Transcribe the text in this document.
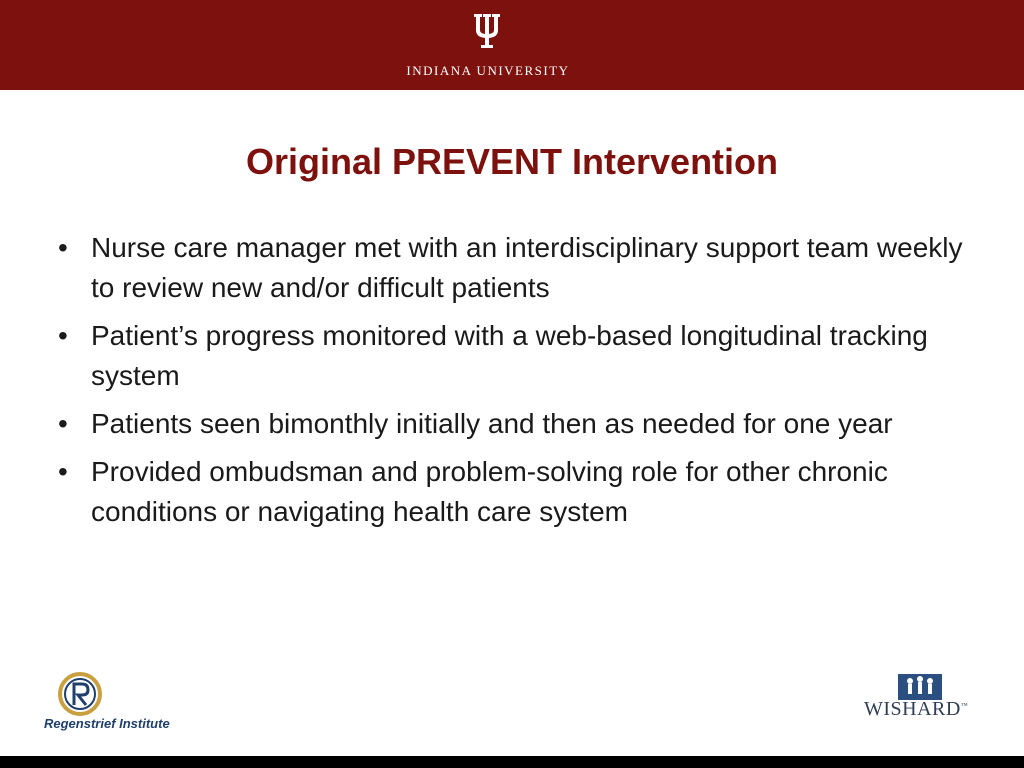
INDIANA UNIVERSITY
Original PREVENT Intervention
• Nurse care manager met with an interdisciplinary support team weekly to review new and/or difficult patients
• Patient’s progress monitored with a web-based longitudinal tracking system
• Patients seen bimonthly initially and then as needed for one year
• Provided ombudsman and problem-solving role for other chronic conditions or navigating health care system
Regenstrief Institute
WISHARD™
